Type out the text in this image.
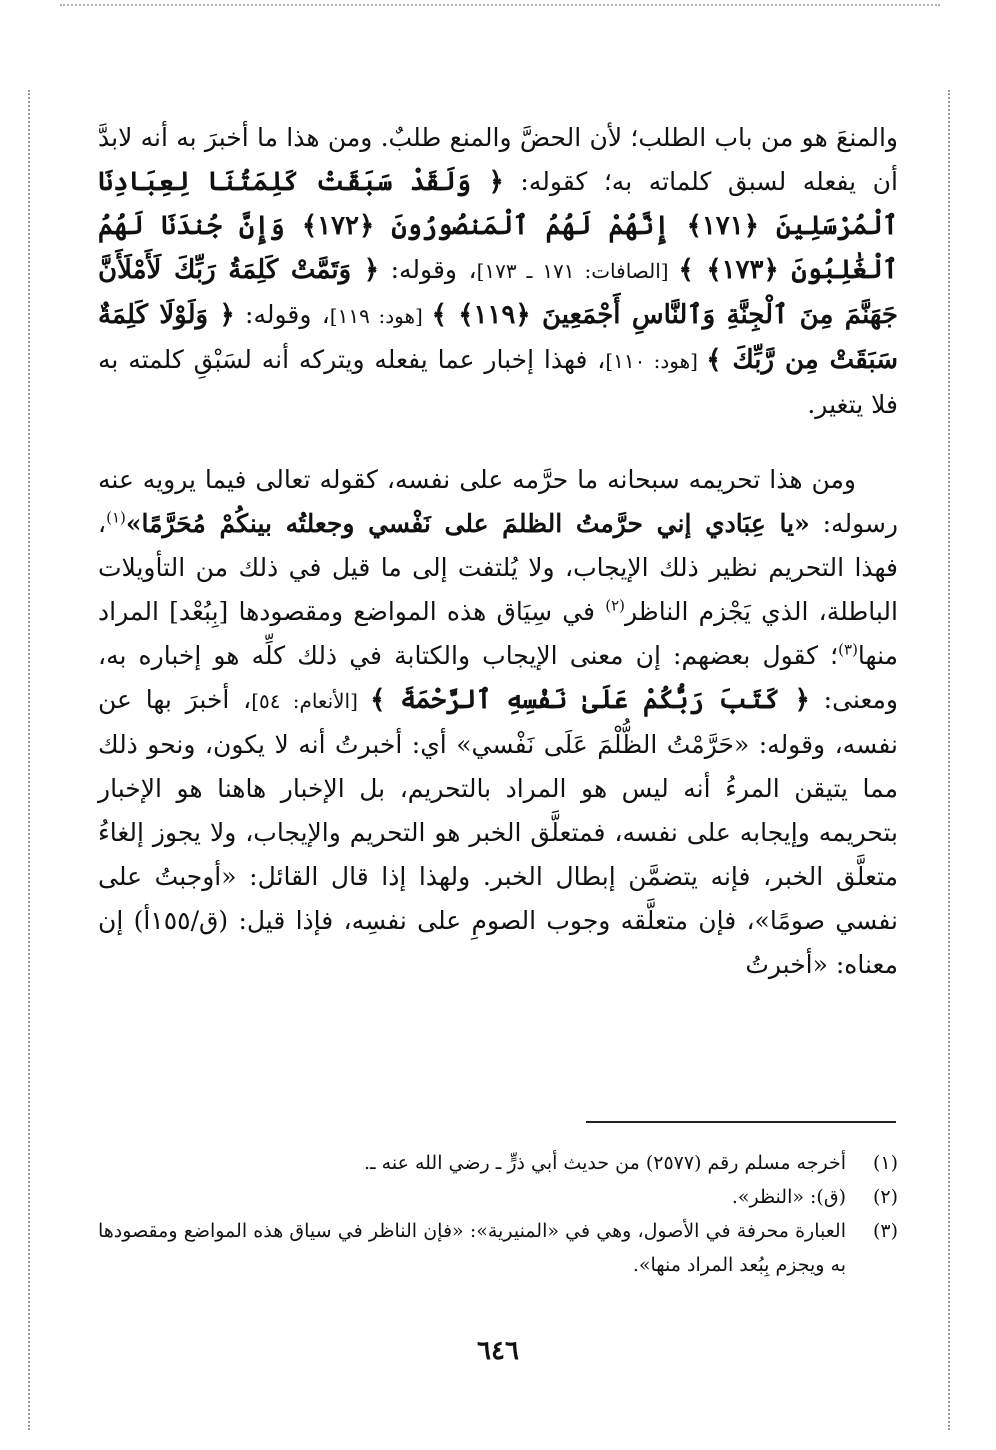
والمنعَ هو من باب الطلب؛ لأن الحضَّ والمنع طلبٌ. ومن هذا ما أخبرَ به أنه لابدَّ أن يفعله لسبق كلماته به؛ كقوله: ﴿ وَلَقَدْ سَبَقَتْ كَلِمَتُنَا لِعِبَادِنَا ٱلْمُرْسَلِينَ ﴿١٧١﴾ إِنَّهُمْ لَهُمُ ٱلْمَنصُورُونَ ﴿١٧٢﴾ وَإِنَّ جُندَنَا لَهُمُ ٱلْغَٰلِبُونَ ﴿١٧٣﴾ ﴾ [الصافات: ١٧١ ـ ١٧٣]، وقوله: ﴿ وَتَمَّتْ كَلِمَةُ رَبِّكَ لَأَمْلَأَنَّ جَهَنَّمَ مِنَ ٱلْجِنَّةِ وَٱلنَّاسِ أَجْمَعِينَ ﴿١١٩﴾ ﴾ [هود: ١١٩]، وقوله: ﴿ وَلَوْلَا كَلِمَةٌ سَبَقَتْ مِن رَّبِّكَ ﴾ [هود: ١١٠]، فهذا إخبار عما يفعله ويتركه أنه لسَبْقِ كلمته به فلا يتغير.

ومن هذا تحريمه سبحانه ما حرَّمه على نفسه، كقوله تعالى فيما يرويه عنه رسوله: «يا عِبَادي إني حرَّمتُ الظلمَ على نَفْسي وجعلتُه بينكُمْ مُحَرَّمًا»$^{(١)}$، فهذا التحريم نظير ذلك الإيجاب، ولا يُلتفت إلى ما قيل في ذلك من التأويلات الباطلة، الذي يَجْزم الناظر$^{(٢)}$ في سِيَاق هذه المواضع ومقصودها [بِبُعْد] المراد منها$^{(٣)}$؛ كقول بعضهم: إن معنى الإيجاب والكتابة في ذلك كلِّه هو إخباره به، ومعنى: ﴿ كَتَبَ رَبُّكُمْ عَلَىٰ نَفْسِهِ ٱلرَّحْمَةَ ﴾ [الأنعام: ٥٤]، أخبرَ بها عن نفسه، وقوله: «حَرَّمْتُ الظُّلْمَ عَلَى نَفْسي» أي: أخبرتُ أنه لا يكون، ونحو ذلك مما يتيقن المرءُ أنه ليس هو المراد بالتحريم، بل الإخبار هاهنا هو الإخبار بتحريمه وإيجابه على نفسه، فمتعلَّق الخبر هو التحريم والإيجاب، ولا يجوز إلغاءُ متعلَّق الخبر، فإنه يتضمَّن إبطال الخبر. ولهذا إذا قال القائل: «أوجبتُ على نفسي صومًا»، فإن متعلَّقه وجوب الصومِ على نفسِه، فإذا قيل: (ق/١٥٥أ) إن معناه: «أخبرتُ

(١)
أخرجه مسلم رقم (٢٥٧٧) من حديث أبي ذرٍّ ـ رضي الله عنه ـ.
(٢)
(ق): «النظر».
(٣)
العبارة محرفة في الأصول، وهي في «المنيرية»: «فإن الناظر في سياق هذه المواضع ومقصودها به ويجزم بِبُعد المراد منها».
٦٤٦
